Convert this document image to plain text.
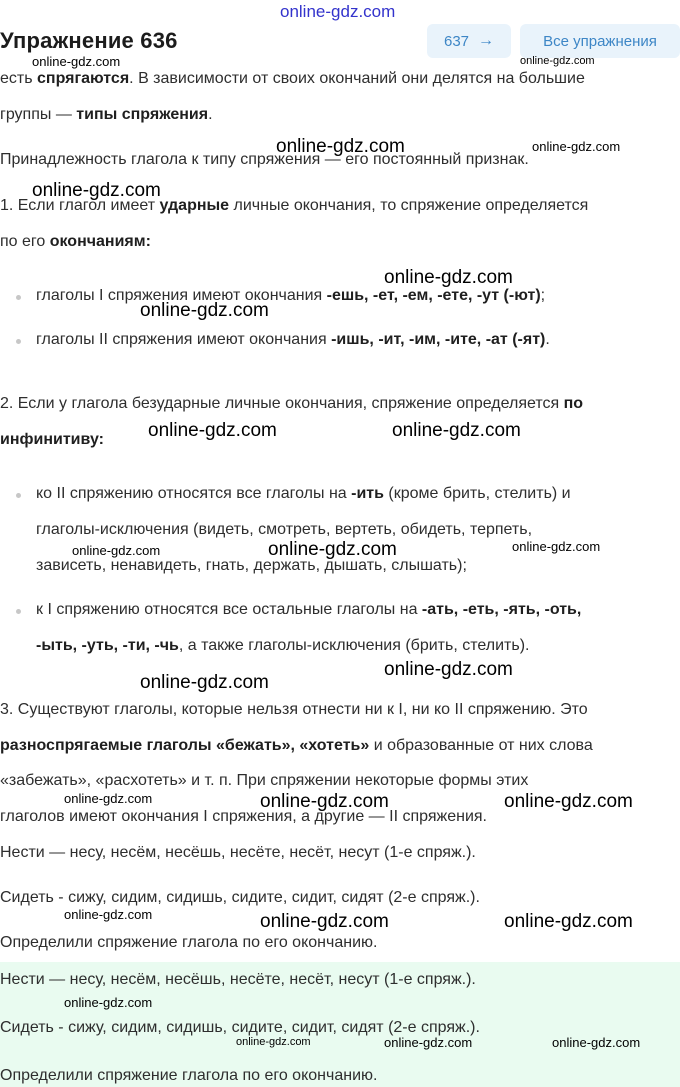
Упражнение 636	637 →	Все упражнения
есть спрягаются. В зависимости от своих окончаний они делятся на большие
группы — типы спряжения.
Принадлежность глагола к типу спряжения — его постоянный признак.
1. Если глагол имеет ударные личные окончания, то спряжение определяется
по его окончаниям:
глаголы I спряжения имеют окончания -ешь, -ет, -ем, -ете, -ут (-ют);
глаголы II спряжения имеют окончания -ишь, -ит, -им, -ите, -ат (-ят).
2. Если у глагола безударные личные окончания, спряжение определяется по
инфинитиву:
ко II спряжению относятся все глаголы на -ить (кроме брить, стелить) и
глаголы-исключения (видеть, смотреть, вертеть, обидеть, терпеть,
зависеть, ненавидеть, гнать, держать, дышать, слышать);
к I спряжению относятся все остальные глаголы на -ать, -еть, -ять, -оть,
-ыть, -уть, -ти, -чь, а также глаголы-исключения (брить, стелить).
3. Существуют глаголы, которые нельзя отнести ни к I, ни ко II спряжению. Это
разноспрягаемые глаголы «бежать», «хотеть» и образованные от них слова
«забежать», «расхотеть» и т. п. При спряжении некоторые формы этих
глаголов имеют окончания I спряжения, а другие — II спряжения.
Нести — несу, несём, несёшь, несёте, несёт, несут (1-е спряж.).
Сидеть - сижу, сидим, сидишь, сидите, сидит, сидят (2-е спряж.).
Определили спряжение глагола по его окончанию.
Нести — несу, несём, несёшь, несёте, несёт, несут (1-е спряж.).
Сидеть - сижу, сидим, сидишь, сидите, сидит, сидят (2-е спряж.).
Определили спряжение глагола по его окончанию.
online-gdz.com
online-gdz.com	online-gdz.com
online-gdz.com	online-gdz.com
online-gdz.com
online-gdz.com
online-gdz.com
online-gdz.com	online-gdz.com
online-gdz.com	online-gdz.com	online-gdz.com
online-gdz.com
online-gdz.com
online-gdz.com	online-gdz.com	online-gdz.com
online-gdz.com	online-gdz.com	online-gdz.com
online-gdz.com
online-gdz.com	online-gdz.com	online-gdz.com
